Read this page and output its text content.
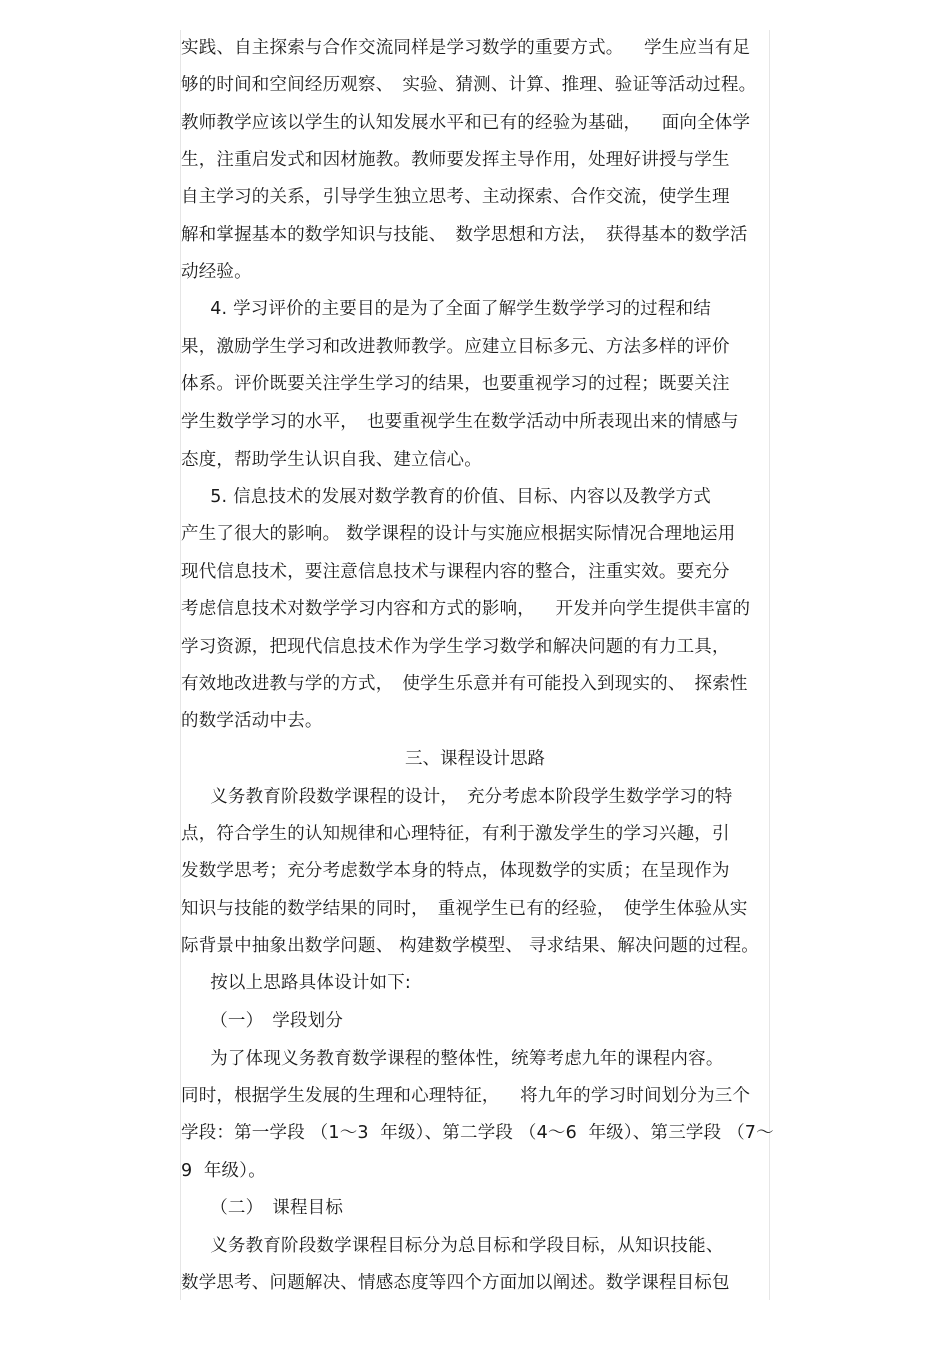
实践、自主探索与合作交流同样是学习数学的重要方式。　  学生应当有足
够的时间和空间经历观察、　实验、猜测、计算、推理、验证等活动过程。
教师教学应该以学生的认知发展水平和已有的经验为基础，　  面向全体学
生，注重启发式和因材施教。教师要发挥主导作用，处理好讲授与学生
自主学习的关系，引导学生独立思考、主动探索、合作交流，使学生理
解和掌握基本的数学知识与技能、　数学思想和方法，　获得基本的数学活
动经验。
　  4. 学习评价的主要目的是为了全面了解学生数学学习的过程和结
果，激励学生学习和改进教师教学。应建立目标多元、方法多样的评价
体系。评价既要关注学生学习的结果，也要重视学习的过程；既要关注
学生数学学习的水平，　也要重视学生在数学活动中所表现出来的情感与
态度，帮助学生认识自我、建立信心。
　  5. 信息技术的发展对数学教育的价值、目标、内容以及教学方式
产生了很大的影响。 数学课程的设计与实施应根据实际情况合理地运用
现代信息技术，要注意信息技术与课程内容的整合，注重实效。要充分
考虑信息技术对数学学习内容和方式的影响，　  开发并向学生提供丰富的
学习资源，把现代信息技术作为学生学习数学和解决问题的有力工具，
有效地改进教与学的方式，　使学生乐意并有可能投入到现实的、　探索性
的数学活动中去。
三、课程设计思路
　  义务教育阶段数学课程的设计，　充分考虑本阶段学生数学学习的特
点，符合学生的认知规律和心理特征，有利于激发学生的学习兴趣，引
发数学思考；充分考虑数学本身的特点，体现数学的实质；在呈现作为
知识与技能的数学结果的同时，　重视学生已有的经验，　使学生体验从实
际背景中抽象出数学问题、 构建数学模型、 寻求结果、解决问题的过程。
　  按以上思路具体设计如下:
　  （一）　学段划分
　  为了体现义务教育数学课程的整体性，统筹考虑九年的课程内容。
同时，根据学生发展的生理和心理特征，　  将九年的学习时间划分为三个
学段：第一学段 （1～3  年级）、第二学段 （4～6  年级）、第三学段 （7～
9  年级）。
　  （二）　课程目标
　  义务教育阶段数学课程目标分为总目标和学段目标，从知识技能、
数学思考、问题解决、情感态度等四个方面加以阐述。数学课程目标包
